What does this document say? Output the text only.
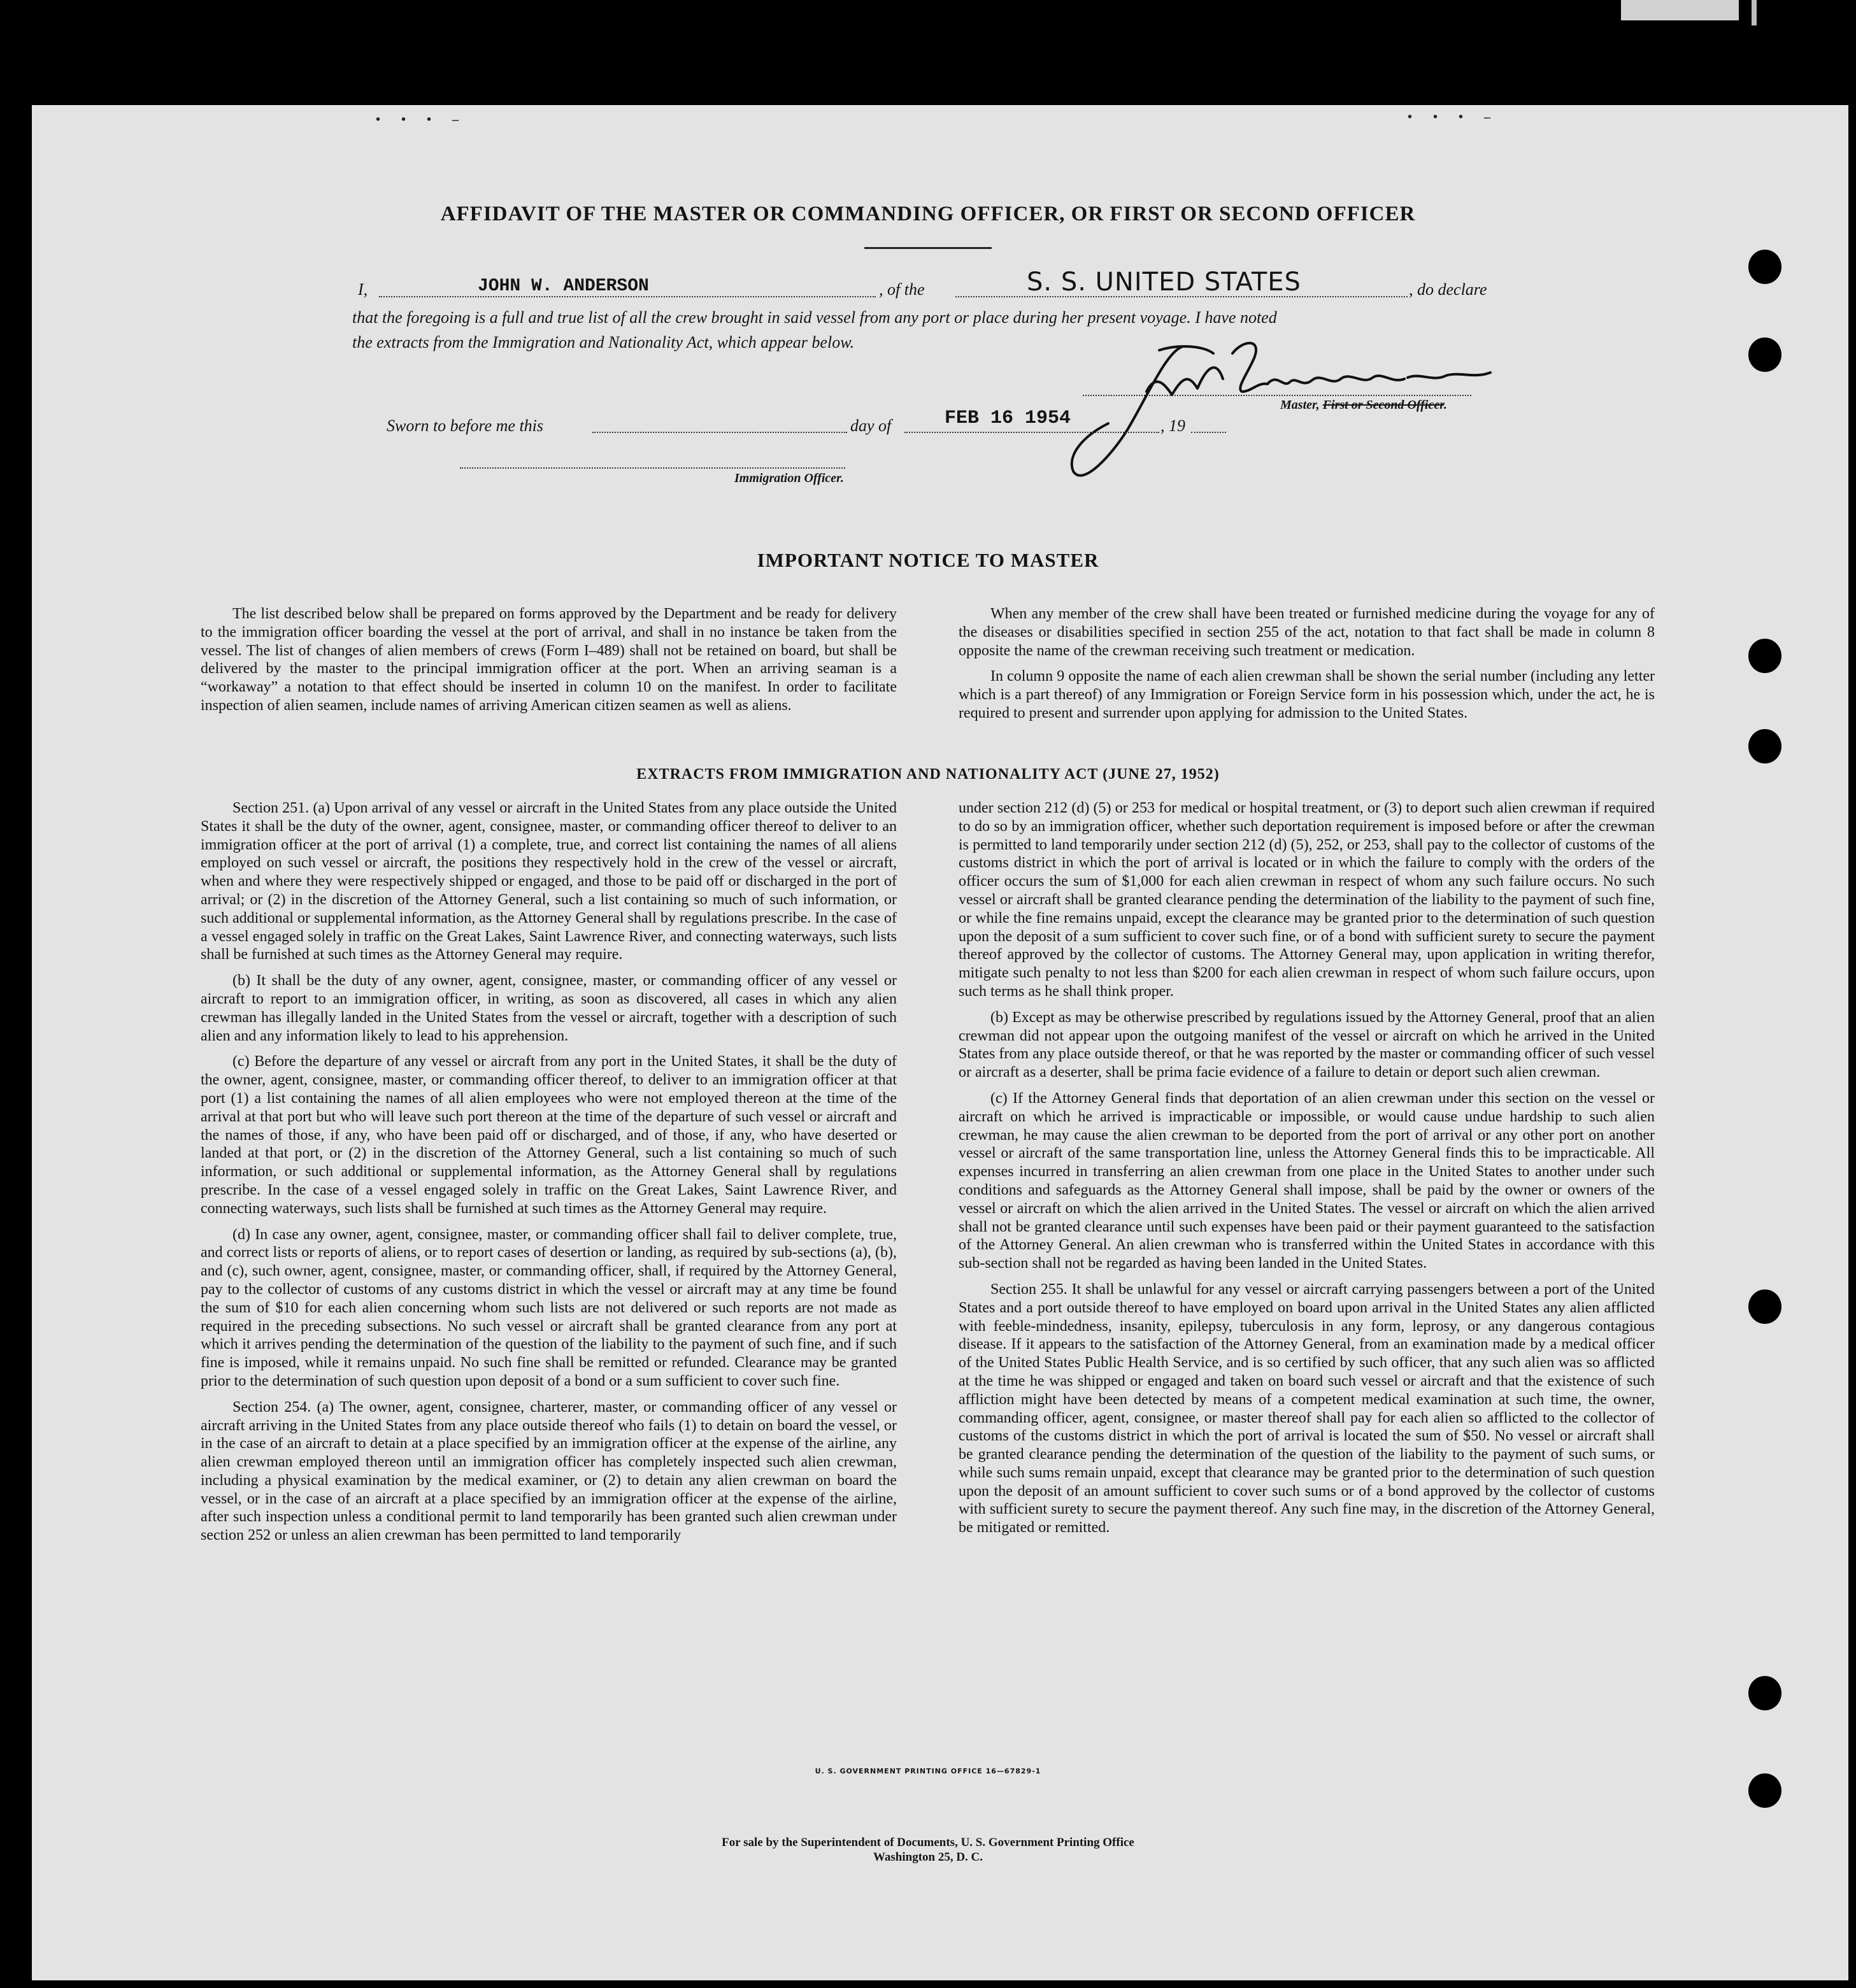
• • • –	• • • –
AFFIDAVIT OF THE MASTER OR COMMANDING OFFICER, OR FIRST OR SECOND OFFICER
I,	JOHN W. ANDERSON	, of the	S. S. UNITED STATES	, do declare
that the foregoing is a full and true list of all the crew brought in said vessel from any port or place during her present voyage. I have noted
the extracts from the Immigration and Nationality Act, which appear below.
Master, First or Second Officer.
Sworn to before me this	day of	FEB 16 1954	, 19
Immigration Officer.
IMPORTANT NOTICE TO MASTER

The list described below shall be prepared on forms approved by the Department and be ready for delivery to the immigration officer boarding the vessel at the port of arrival, and shall in no instance be taken from the vessel. The list of changes of alien members of crews (Form I–489) shall not be retained on board, but shall be delivered by the master to the principal immigration officer at the port. When an arriving seaman is a “workaway” a notation to that effect should be inserted in column 10 on the manifest. In order to facilitate inspection of alien seamen, include names of arriving American citizen seamen as well as aliens.

When any member of the crew shall have been treated or furnished medicine during the voyage for any of the diseases or disabilities specified in section 255 of the act, notation to that fact shall be made in column 8 opposite the name of the crewman receiving such treatment or medication.

In column 9 opposite the name of each alien crewman shall be shown the serial number (including any letter which is a part thereof) of any Immigration or Foreign Service form in his possession which, under the act, he is required to present and surrender upon applying for admission to the United States.

EXTRACTS FROM IMMIGRATION AND NATIONALITY ACT (JUNE 27, 1952)

Section 251. (a) Upon arrival of any vessel or aircraft in the United States from any place outside the United States it shall be the duty of the owner, agent, consignee, master, or commanding officer thereof to deliver to an immigration officer at the port of arrival (1) a complete, true, and correct list containing the names of all aliens employed on such vessel or aircraft, the positions they respectively hold in the crew of the vessel or aircraft, when and where they were respectively shipped or engaged, and those to be paid off or discharged in the port of arrival; or (2) in the discretion of the Attorney General, such a list containing so much of such information, or such additional or supplemental information, as the Attorney General shall by regulations prescribe. In the case of a vessel engaged solely in traffic on the Great Lakes, Saint Lawrence River, and connecting waterways, such lists shall be furnished at such times as the Attorney General may require.

(b) It shall be the duty of any owner, agent, consignee, master, or commanding officer of any vessel or aircraft to report to an immigration officer, in writing, as soon as discovered, all cases in which any alien crewman has illegally landed in the United States from the vessel or aircraft, together with a description of such alien and any information likely to lead to his apprehension.

(c) Before the departure of any vessel or aircraft from any port in the United States, it shall be the duty of the owner, agent, consignee, master, or commanding officer thereof, to deliver to an immigration officer at that port (1) a list containing the names of all alien employees who were not employed thereon at the time of the arrival at that port but who will leave such port thereon at the time of the departure of such vessel or aircraft and the names of those, if any, who have been paid off or discharged, and of those, if any, who have deserted or landed at that port, or (2) in the discretion of the Attorney General, such a list containing so much of such information, or such additional or supplemental information, as the Attorney General shall by regulations prescribe. In the case of a vessel engaged solely in traffic on the Great Lakes, Saint Lawrence River, and connecting waterways, such lists shall be furnished at such times as the Attorney General may require.

(d) In case any owner, agent, consignee, master, or commanding officer shall fail to deliver complete, true, and correct lists or reports of aliens, or to report cases of desertion or landing, as required by sub-sections (a), (b), and (c), such owner, agent, consignee, master, or commanding officer, shall, if required by the Attorney General, pay to the collector of customs of any customs district in which the vessel or aircraft may at any time be found the sum of $10 for each alien concerning whom such lists are not delivered or such reports are not made as required in the preceding subsections. No such vessel or aircraft shall be granted clearance from any port at which it arrives pending the determination of the question of the liability to the payment of such fine, and if such fine is imposed, while it remains unpaid. No such fine shall be remitted or refunded. Clearance may be granted prior to the determination of such question upon deposit of a bond or a sum sufficient to cover such fine.

Section 254. (a) The owner, agent, consignee, charterer, master, or commanding officer of any vessel or aircraft arriving in the United States from any place outside thereof who fails (1) to detain on board the vessel, or in the case of an aircraft to detain at a place specified by an immigration officer at the expense of the airline, any alien crewman employed thereon until an immigration officer has completely inspected such alien crewman, including a physical examination by the medical examiner, or (2) to detain any alien crewman on board the vessel, or in the case of an aircraft at a place specified by an immigration officer at the expense of the airline, after such inspection unless a conditional permit to land temporarily has been granted such alien crewman under section 252 or unless an alien crewman has been permitted to land temporarily

under section 212 (d) (5) or 253 for medical or hospital treatment, or (3) to deport such alien crewman if required to do so by an immigration officer, whether such deportation requirement is imposed before or after the crewman is permitted to land temporarily under section 212 (d) (5), 252, or 253, shall pay to the collector of customs of the customs district in which the port of arrival is located or in which the failure to comply with the orders of the officer occurs the sum of $1,000 for each alien crewman in respect of whom any such failure occurs. No such vessel or aircraft shall be granted clearance pending the determination of the liability to the payment of such fine, or while the fine remains unpaid, except the clearance may be granted prior to the determination of such question upon the deposit of a sum sufficient to cover such fine, or of a bond with sufficient surety to secure the payment thereof approved by the collector of customs. The Attorney General may, upon application in writing therefor, mitigate such penalty to not less than $200 for each alien crewman in respect of whom such failure occurs, upon such terms as he shall think proper.

(b) Except as may be otherwise prescribed by regulations issued by the Attorney General, proof that an alien crewman did not appear upon the outgoing manifest of the vessel or aircraft on which he arrived in the United States from any place outside thereof, or that he was reported by the master or commanding officer of such vessel or aircraft as a deserter, shall be prima facie evidence of a failure to detain or deport such alien crewman.

(c) If the Attorney General finds that deportation of an alien crewman under this section on the vessel or aircraft on which he arrived is impracticable or impossible, or would cause undue hardship to such alien crewman, he may cause the alien crewman to be deported from the port of arrival or any other port on another vessel or aircraft of the same transportation line, unless the Attorney General finds this to be impracticable. All expenses incurred in transferring an alien crewman from one place in the United States to another under such conditions and safeguards as the Attorney General shall impose, shall be paid by the owner or owners of the vessel or aircraft on which the alien arrived in the United States. The vessel or aircraft on which the alien arrived shall not be granted clearance until such expenses have been paid or their payment guaranteed to the satisfaction of the Attorney General. An alien crewman who is transferred within the United States in accordance with this sub-section shall not be regarded as having been landed in the United States.

Section 255. It shall be unlawful for any vessel or aircraft carrying passengers between a port of the United States and a port outside thereof to have employed on board upon arrival in the United States any alien afflicted with feeble-mindedness, insanity, epilepsy, tuberculosis in any form, leprosy, or any dangerous contagious disease. If it appears to the satisfaction of the Attorney General, from an examination made by a medical officer of the United States Public Health Service, and is so certified by such officer, that any such alien was so afflicted at the time he was shipped or engaged and taken on board such vessel or aircraft and that the existence of such affliction might have been detected by means of a competent medical examination at such time, the owner, commanding officer, agent, consignee, or master thereof shall pay for each alien so afflicted to the collector of customs of the customs district in which the port of arrival is located the sum of $50. No vessel or aircraft shall be granted clearance pending the determination of the question of the liability to the payment of such sums, or while such sums remain unpaid, except that clearance may be granted prior to the determination of such question upon the deposit of an amount sufficient to cover such sums or of a bond approved by the collector of customs with sufficient surety to secure the payment thereof. Any such fine may, in the discretion of the Attorney General, be mitigated or remitted.

U. S. GOVERNMENT PRINTING OFFICE 16—67829-1
For sale by the Superintendent of Documents, U. S. Government Printing Office
Washington 25, D. C.
